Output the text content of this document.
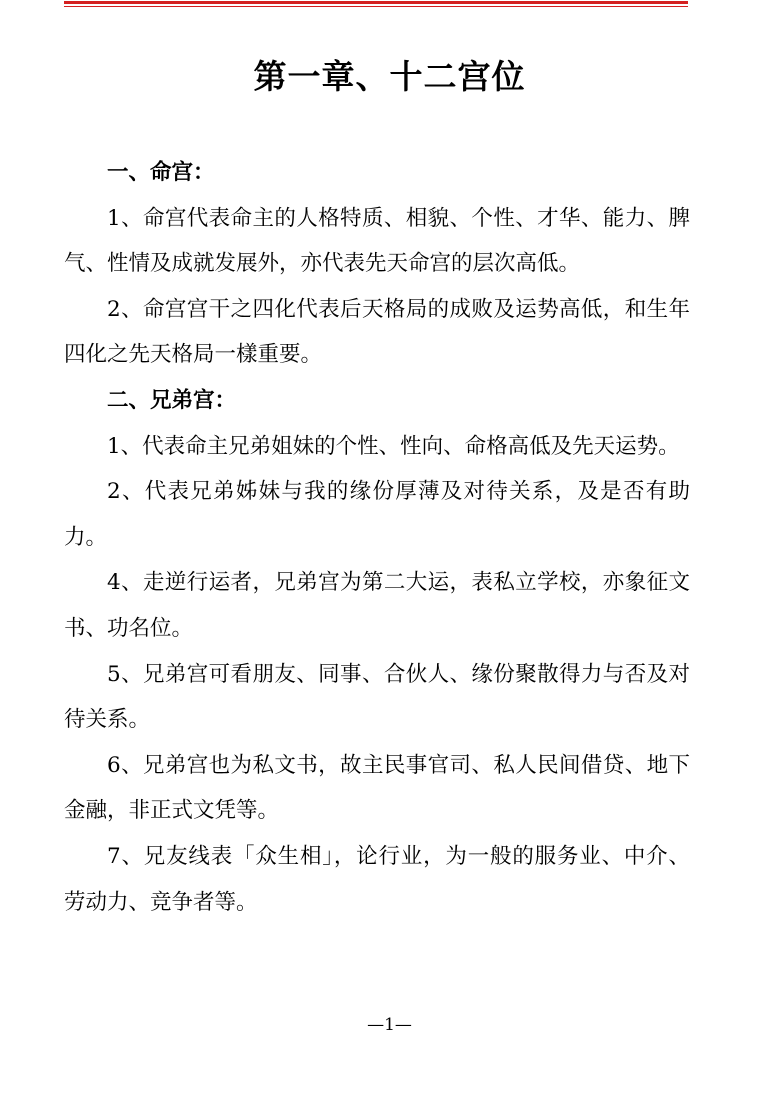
第一章、十二宫位

一、命宫：

1、命宫代表命主的人格特质、相貌、个性、才华、能力、脾气、性情及成就发展外，亦代表先天命宫的层次高低。

2、命宫宫干之四化代表后天格局的成败及运势高低，和生年四化之先天格局一樣重要。

二、兄弟宫：

1、代表命主兄弟姐妹的个性、性向、命格高低及先天运势。

2、代表兄弟姊妹与我的缘份厚薄及对待关系，及是否有助力。

4、走逆行运者，兄弟宫为第二大运，表私立学校，亦象征文书、功名位。

5、兄弟宫可看朋友、同事、合伙人、缘份聚散得力与否及对待关系。

6、兄弟宫也为私文书，故主民事官司、私人民间借贷、地下金融，非正式文凭等。

7、兄友线表「众生相」，论行业，为一般的服务业、中介、劳动力、竞争者等。

—1—
